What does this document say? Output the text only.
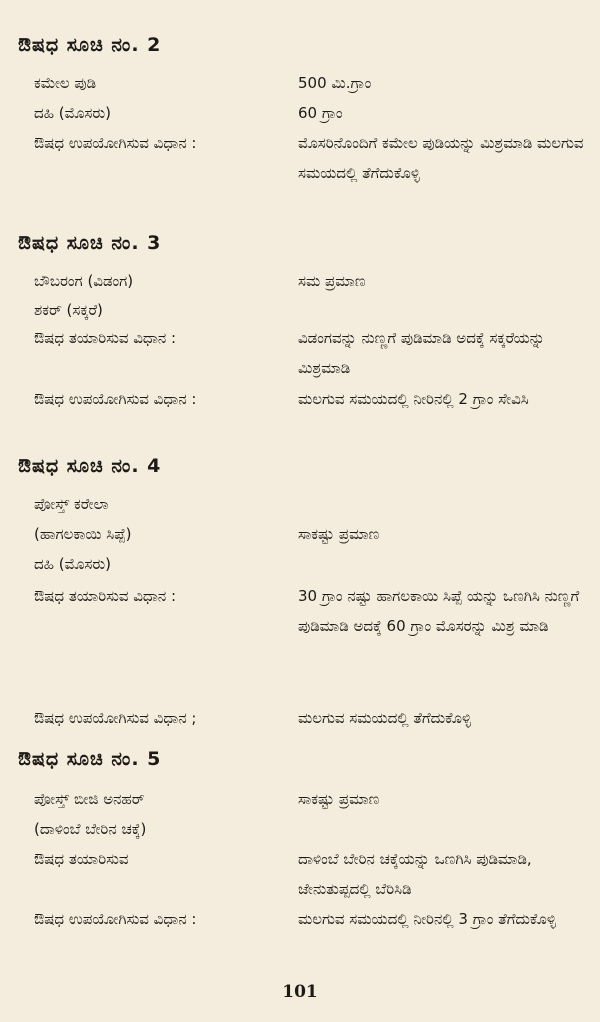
ಔಷಧ ಸೂಚಿ ನಂ. 2
ಕಮೇಲ ಪುಡಿ	500 ಮಿ.ಗ್ರಾಂ
ದಹಿ (ಮೊಸರು)	60 ಗ್ರಾಂ
ಔಷಧ ಉಪಯೋಗಿಸುವ ವಿಧಾನ :	ಮೊಸರಿನೊಂದಿಗೆ ಕಮೇಲ ಪುಡಿಯನ್ನು ಮಿಶ್ರಮಾಡಿ ಮಲಗುವ ಸಮಯದಲ್ಲಿ ತೆಗೆದುಕೊಳ್ಳಿ
ಔಷಧ ಸೂಚಿ ನಂ. 3
ಬೌಬರಂಗ (ವಿಡಂಗ)	ಸಮ ಪ್ರಮಾಣ
ಶಕರ್ (ಸಕ್ಕರೆ)
ಔಷಧ ತಯಾರಿಸುವ ವಿಧಾನ :	ವಿಡಂಗವನ್ನು ನುಣ್ಣಗೆ ಪುಡಿಮಾಡಿ ಅದಕ್ಕೆ ಸಕ್ಕರೆಯನ್ನು ಮಿಶ್ರಮಾಡಿ
ಔಷಧ ಉಪಯೋಗಿಸುವ ವಿಧಾನ :	ಮಲಗುವ ಸಮಯದಲ್ಲಿ ನೀರಿನಲ್ಲಿ 2 ಗ್ರಾಂ ಸೇವಿಸಿ
ಔಷಧ ಸೂಚಿ ನಂ. 4
ಪೋಸ್ತ್ ಕರೇಲಾ
(ಹಾಗಲಕಾಯಿ ಸಿಪ್ಪೆ)	ಸಾಕಷ್ಟು ಪ್ರಮಾಣ
ದಹಿ (ಮೊಸರು)
ಔಷಧ ತಯಾರಿಸುವ ವಿಧಾನ :	30 ಗ್ರಾಂ ನಷ್ಟು ಹಾಗಲಕಾಯಿ ಸಿಪ್ಪೆ ಯನ್ನು ಒಣಗಿಸಿ ನುಣ್ಣಗೆ ಪುಡಿಮಾಡಿ ಅದಕ್ಕೆ 60 ಗ್ರಾಂ ಮೊಸರನ್ನು ಮಿಶ್ರ ಮಾಡಿ
ಔಷಧ ಉಪಯೋಗಿಸುವ ವಿಧಾನ ;	ಮಲಗುವ ಸಮಯದಲ್ಲಿ ತೆಗೆದುಕೊಳ್ಳಿ
ಔಷಧ ಸೂಚಿ ನಂ. 5
ಪೋಸ್ತ್ ಬೀಜಿ ಅನಹರ್	ಸಾಕಷ್ಟು ಪ್ರಮಾಣ
(ದಾಳಿಂಬೆ ಬೇರಿನ ಚಕ್ಕೆ)
ಔಷಧ ತಯಾರಿಸುವ	ದಾಳಿಂಬೆ ಬೇರಿನ ಚಕ್ಕೆಯನ್ನು ಒಣಗಿಸಿ ಪುಡಿಮಾಡಿ, ಜೇನುತುಪ್ಪದಲ್ಲಿ ಬೆರಿಸಿಡಿ
ಔಷಧ ಉಪಯೋಗಿಸುವ ವಿಧಾನ :	ಮಲಗುವ ಸಮಯದಲ್ಲಿ ನೀರಿನಲ್ಲಿ 3 ಗ್ರಾಂ ತೆಗೆದುಕೊಳ್ಳಿ
101
